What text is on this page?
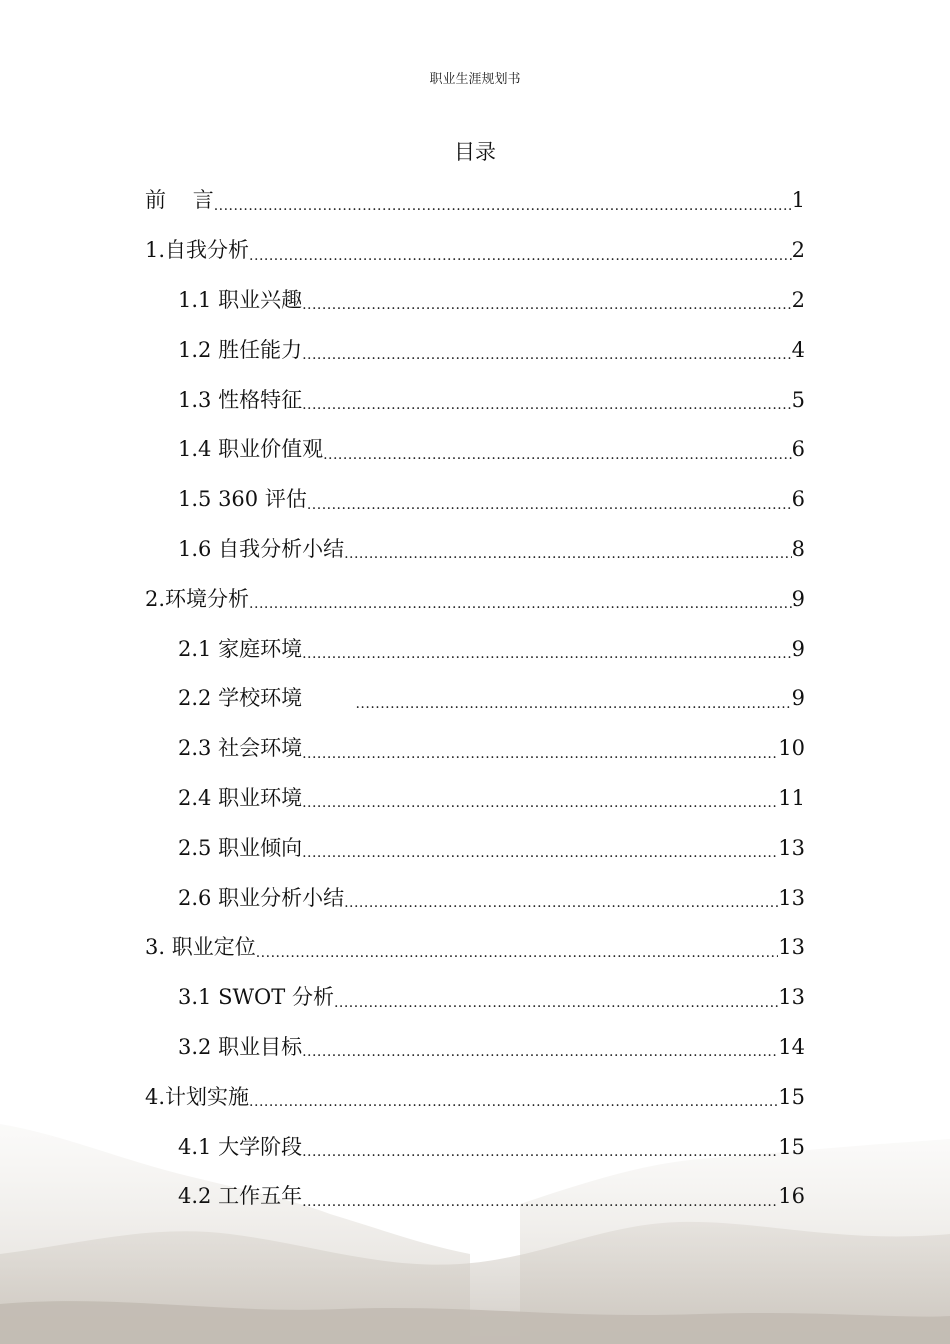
职业生涯规划书
目录
前    言 .....	1
1.自我分析 .....	2
1.1 职业兴趣 .....	2
1.2 胜任能力 .....	4
1.3 性格特征 .....	5
1.4 职业价值观 .....	6
1.5 360 评估 .....	6
1.6 自我分析小结 .....	8
2.环境分析 .....	9
2.1 家庭环境 .....	9
2.2 学校环境 .....	9
2.3 社会环境 .....	10
2.4 职业环境 .....	11
2.5 职业倾向 .....	13
2.6 职业分析小结 .....	13
3. 职业定位 .....	13
3.1 SWOT 分析 .....	13
3.2 职业目标 .....	14
4.计划实施 .....	15
4.1 大学阶段 .....	15
4.2 工作五年 .....	16
